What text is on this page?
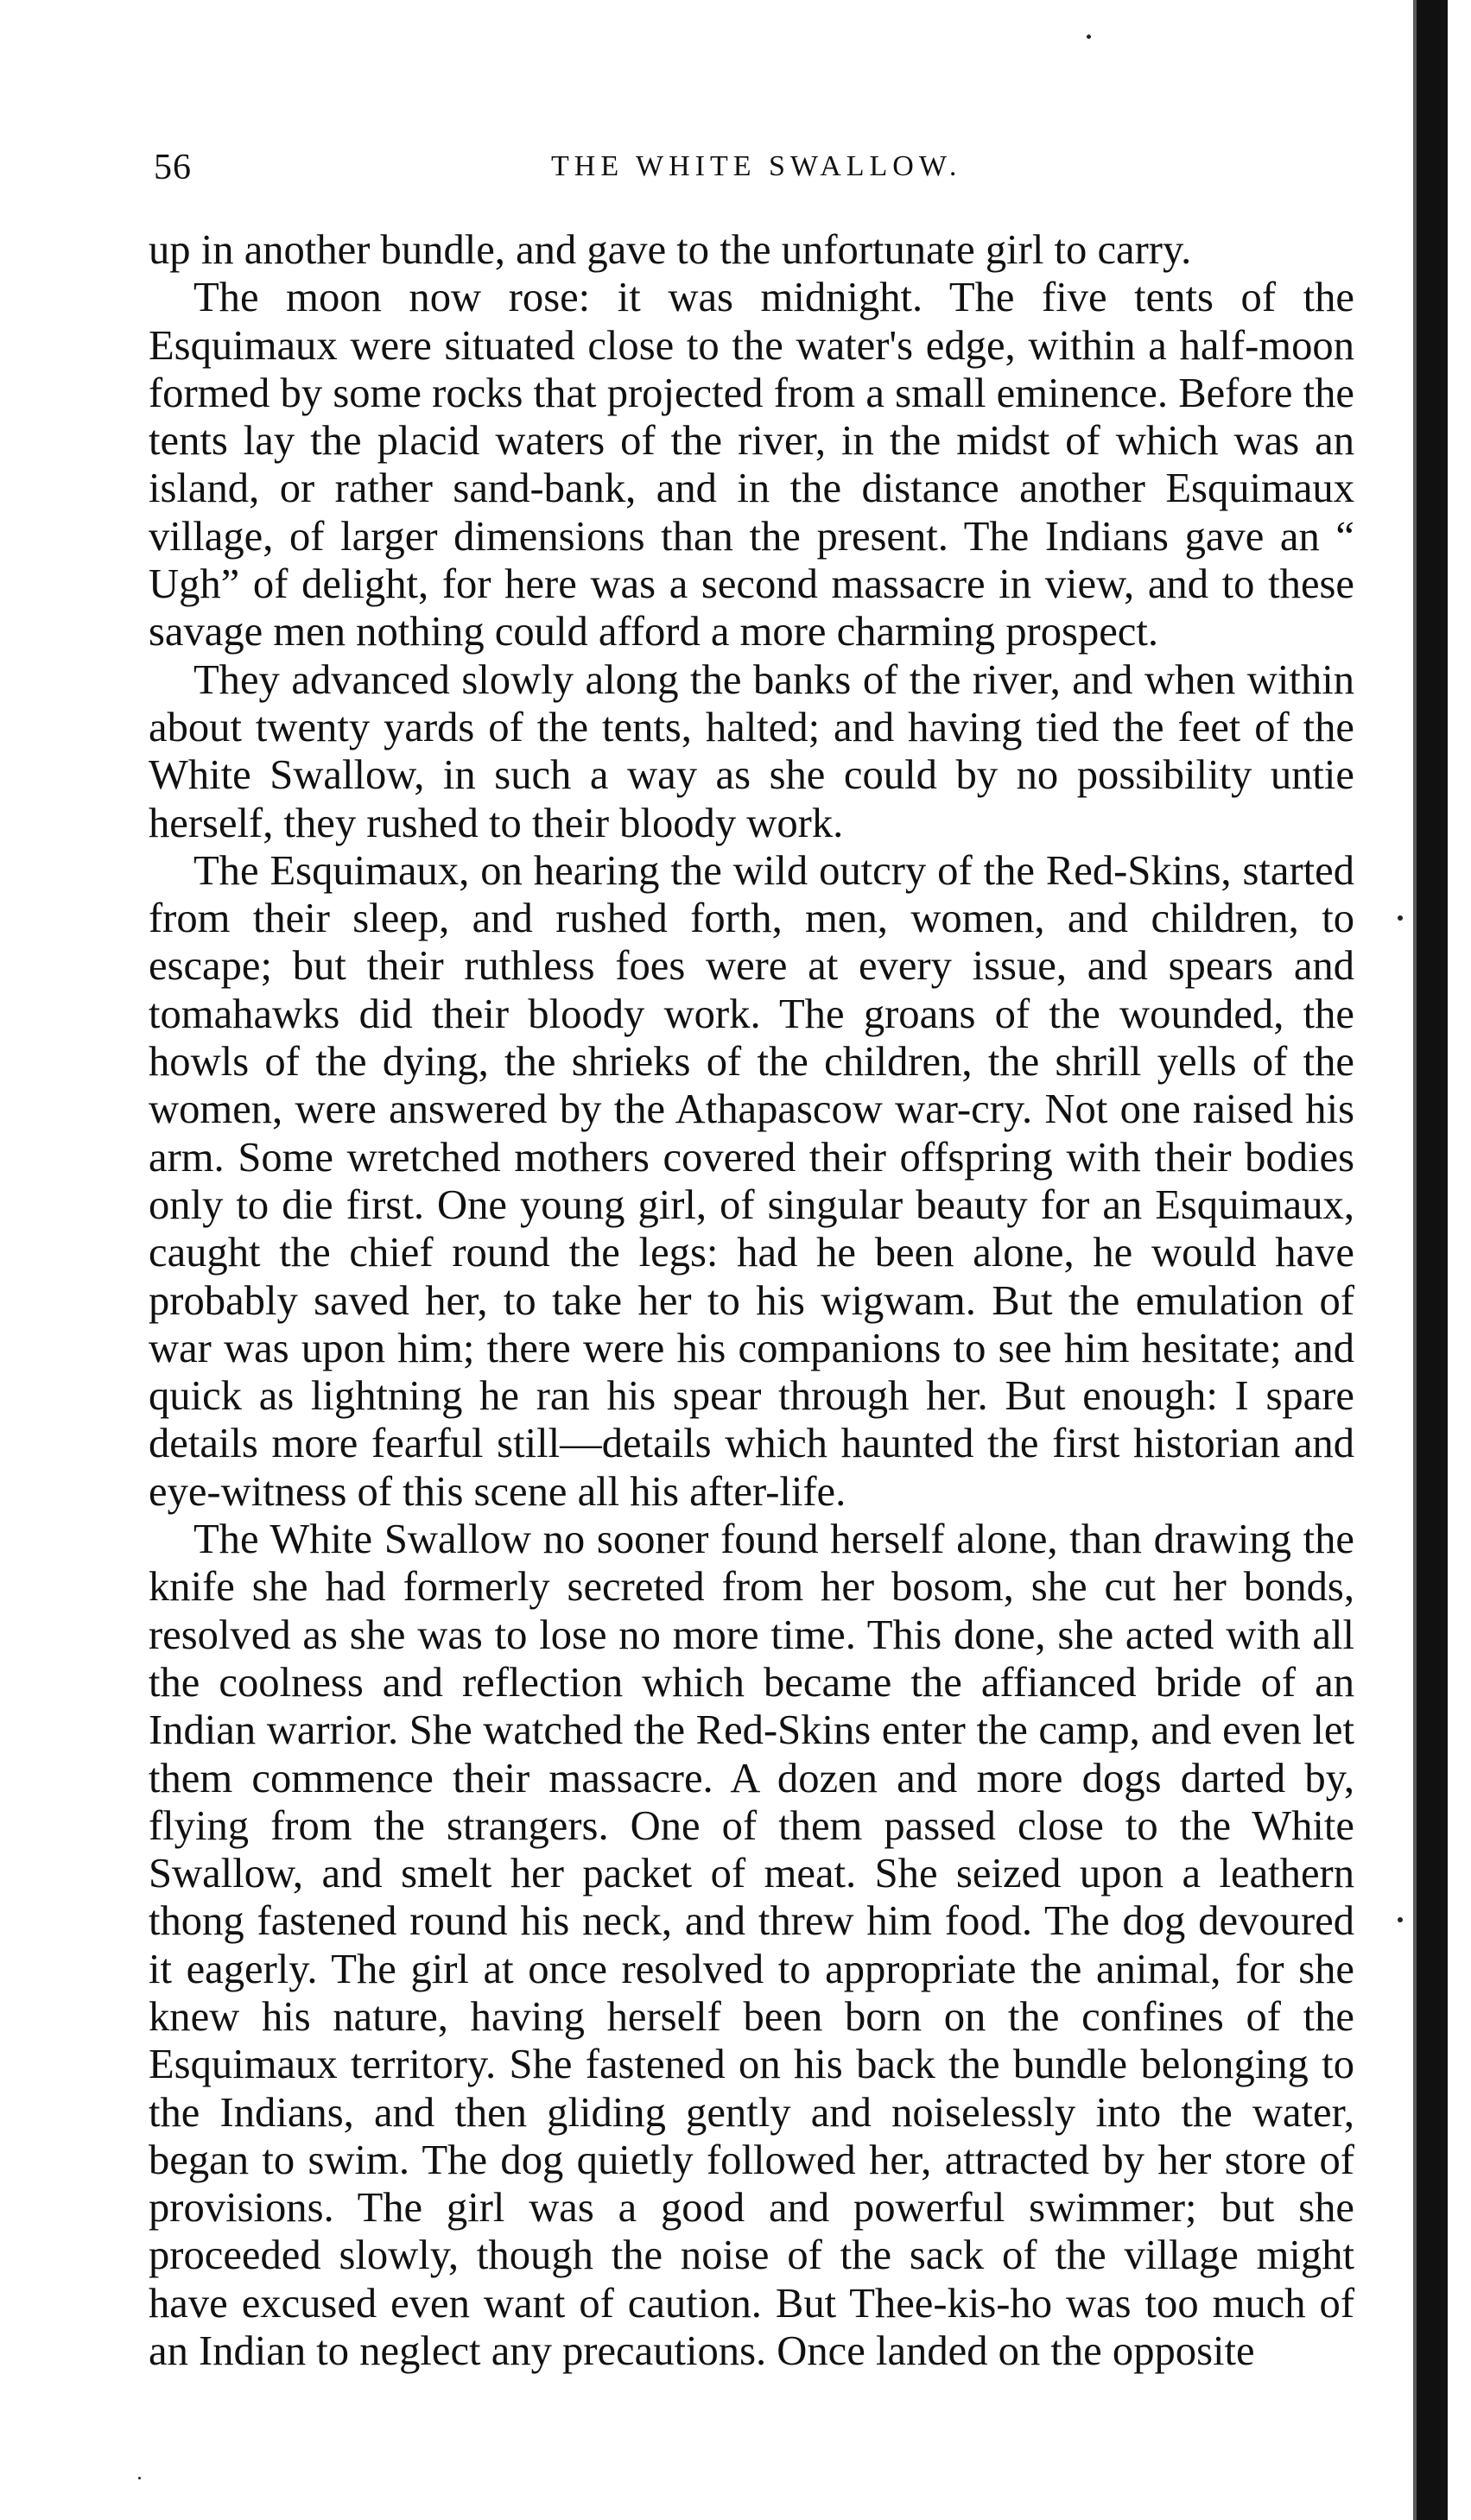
56	THE WHITE SWALLOW.

up in another bundle, and gave to the unfortunate girl to carry.

The moon now rose: it was midnight. The five tents of the Esquimaux were situated close to the water's edge, within a half-moon formed by some rocks that projected from a small eminence. Before the tents lay the placid waters of the river, in the midst of which was an island, or rather sand-bank, and in the distance another Esquimaux village, of larger dimensions than the present. The Indians gave an “ Ugh” of delight, for here was a second massacre in view, and to these savage men nothing could afford a more charming prospect.

They advanced slowly along the banks of the river, and when within about twenty yards of the tents, halted; and having tied the feet of the White Swallow, in such a way as she could by no possibility untie herself, they rushed to their bloody work.

The Esquimaux, on hearing the wild outcry of the Red-Skins, started from their sleep, and rushed forth, men, women, and children, to escape; but their ruthless foes were at every issue, and spears and tomahawks did their bloody work. The groans of the wounded, the howls of the dying, the shrieks of the children, the shrill yells of the women, were answered by the Athapascow war-cry. Not one raised his arm. Some wretched mothers covered their offspring with their bodies only to die first. One young girl, of singular beauty for an Esquimaux, caught the chief round the legs: had he been alone, he would have probably saved her, to take her to his wigwam. But the emulation of war was upon him; there were his companions to see him hesitate; and quick as lightning he ran his spear through her. But enough: I spare details more fearful still—details which haunted the first historian and eye-witness of this scene all his after-life.

The White Swallow no sooner found herself alone, than drawing the knife she had formerly secreted from her bosom, she cut her bonds, resolved as she was to lose no more time. This done, she acted with all the coolness and reflection which became the affianced bride of an Indian warrior. She watched the Red-Skins enter the camp, and even let them commence their massacre. A dozen and more dogs darted by, flying from the strangers. One of them passed close to the White Swallow, and smelt her packet of meat. She seized upon a leathern thong fastened round his neck, and threw him food. The dog devoured it eagerly. The girl at once resolved to appropriate the animal, for she knew his nature, having herself been born on the confines of the Esquimaux territory. She fastened on his back the bundle belonging to the Indians, and then gliding gently and noiselessly into the water, began to swim. The dog quietly followed her, attracted by her store of provisions. The girl was a good and powerful swimmer; but she proceeded slowly, though the noise of the sack of the village might have excused even want of caution. But Thee-kis-ho was too much of an Indian to neglect any precautions. Once landed on the opposite
